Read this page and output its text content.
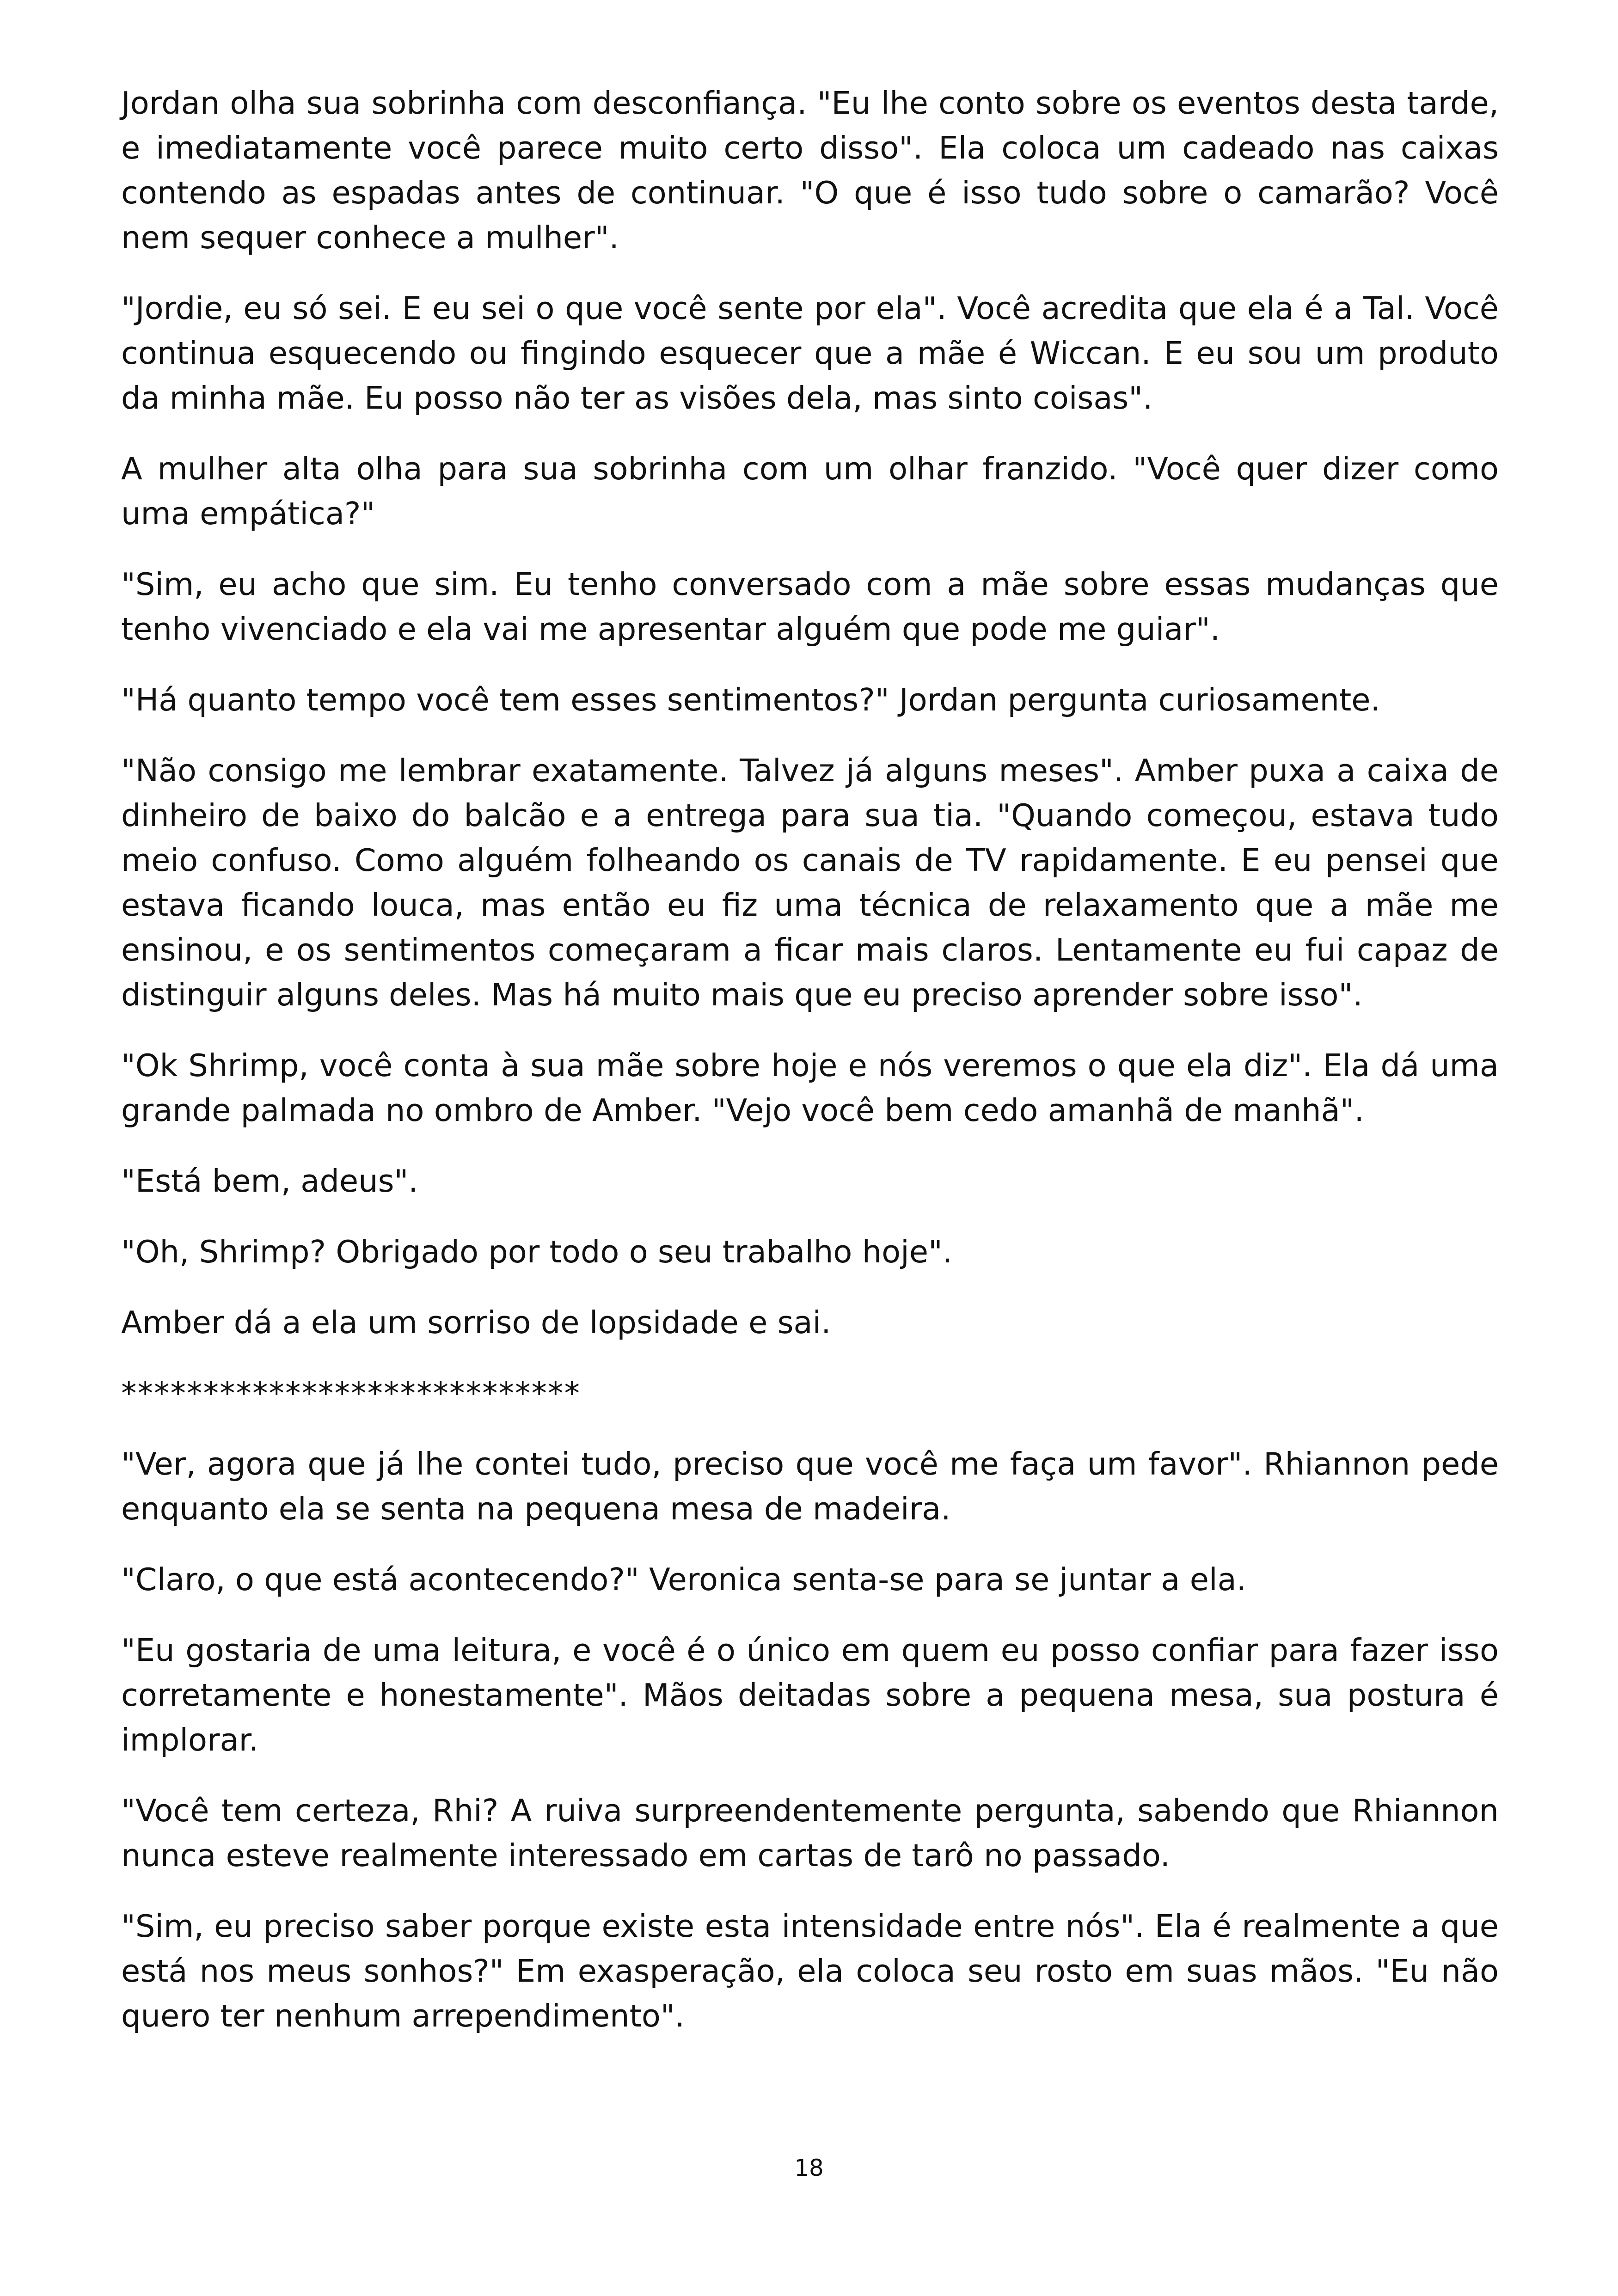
Jordan olha sua sobrinha com desconfiança. "Eu lhe conto sobre os eventos desta tarde, e imediatamente você parece muito certo disso". Ela coloca um cadeado nas caixas contendo as espadas antes de continuar. "O que é isso tudo sobre o camarão? Você nem sequer conhece a mulher".

"Jordie, eu só sei. E eu sei o que você sente por ela". Você acredita que ela é a Tal. Você continua esquecendo ou fingindo esquecer que a mãe é Wiccan. E eu sou um produto da minha mãe. Eu posso não ter as visões dela, mas sinto coisas".

A mulher alta olha para sua sobrinha com um olhar franzido. "Você quer dizer como uma empática?"

"Sim, eu acho que sim. Eu tenho conversado com a mãe sobre essas mudanças que tenho vivenciado e ela vai me apresentar alguém que pode me guiar".

"Há quanto tempo você tem esses sentimentos?" Jordan pergunta curiosamente.

"Não consigo me lembrar exatamente. Talvez já alguns meses". Amber puxa a caixa de dinheiro de baixo do balcão e a entrega para sua tia. "Quando começou, estava tudo meio confuso. Como alguém folheando os canais de TV rapidamente. E eu pensei que estava ficando louca, mas então eu fiz uma técnica de relaxamento que a mãe me ensinou, e os sentimentos começaram a ficar mais claros. Lentamente eu fui capaz de distinguir alguns deles. Mas há muito mais que eu preciso aprender sobre isso".

"Ok Shrimp, você conta à sua mãe sobre hoje e nós veremos o que ela diz". Ela dá uma grande palmada no ombro de Amber. "Vejo você bem cedo amanhã de manhã".

"Está bem, adeus".

"Oh, Shrimp? Obrigado por todo o seu trabalho hoje".

Amber dá a ela um sorriso de lopsidade e sai.

****************************

"Ver, agora que já lhe contei tudo, preciso que você me faça um favor". Rhiannon pede enquanto ela se senta na pequena mesa de madeira.

"Claro, o que está acontecendo?" Veronica senta-se para se juntar a ela.

"Eu gostaria de uma leitura, e você é o único em quem eu posso confiar para fazer isso corretamente e honestamente". Mãos deitadas sobre a pequena mesa, sua postura é implorar.

"Você tem certeza, Rhi? A ruiva surpreendentemente pergunta, sabendo que Rhiannon nunca esteve realmente interessado em cartas de tarô no passado.

"Sim, eu preciso saber porque existe esta intensidade entre nós". Ela é realmente a que está nos meus sonhos?" Em exasperação, ela coloca seu rosto em suas mãos. "Eu não quero ter nenhum arrependimento".

18
